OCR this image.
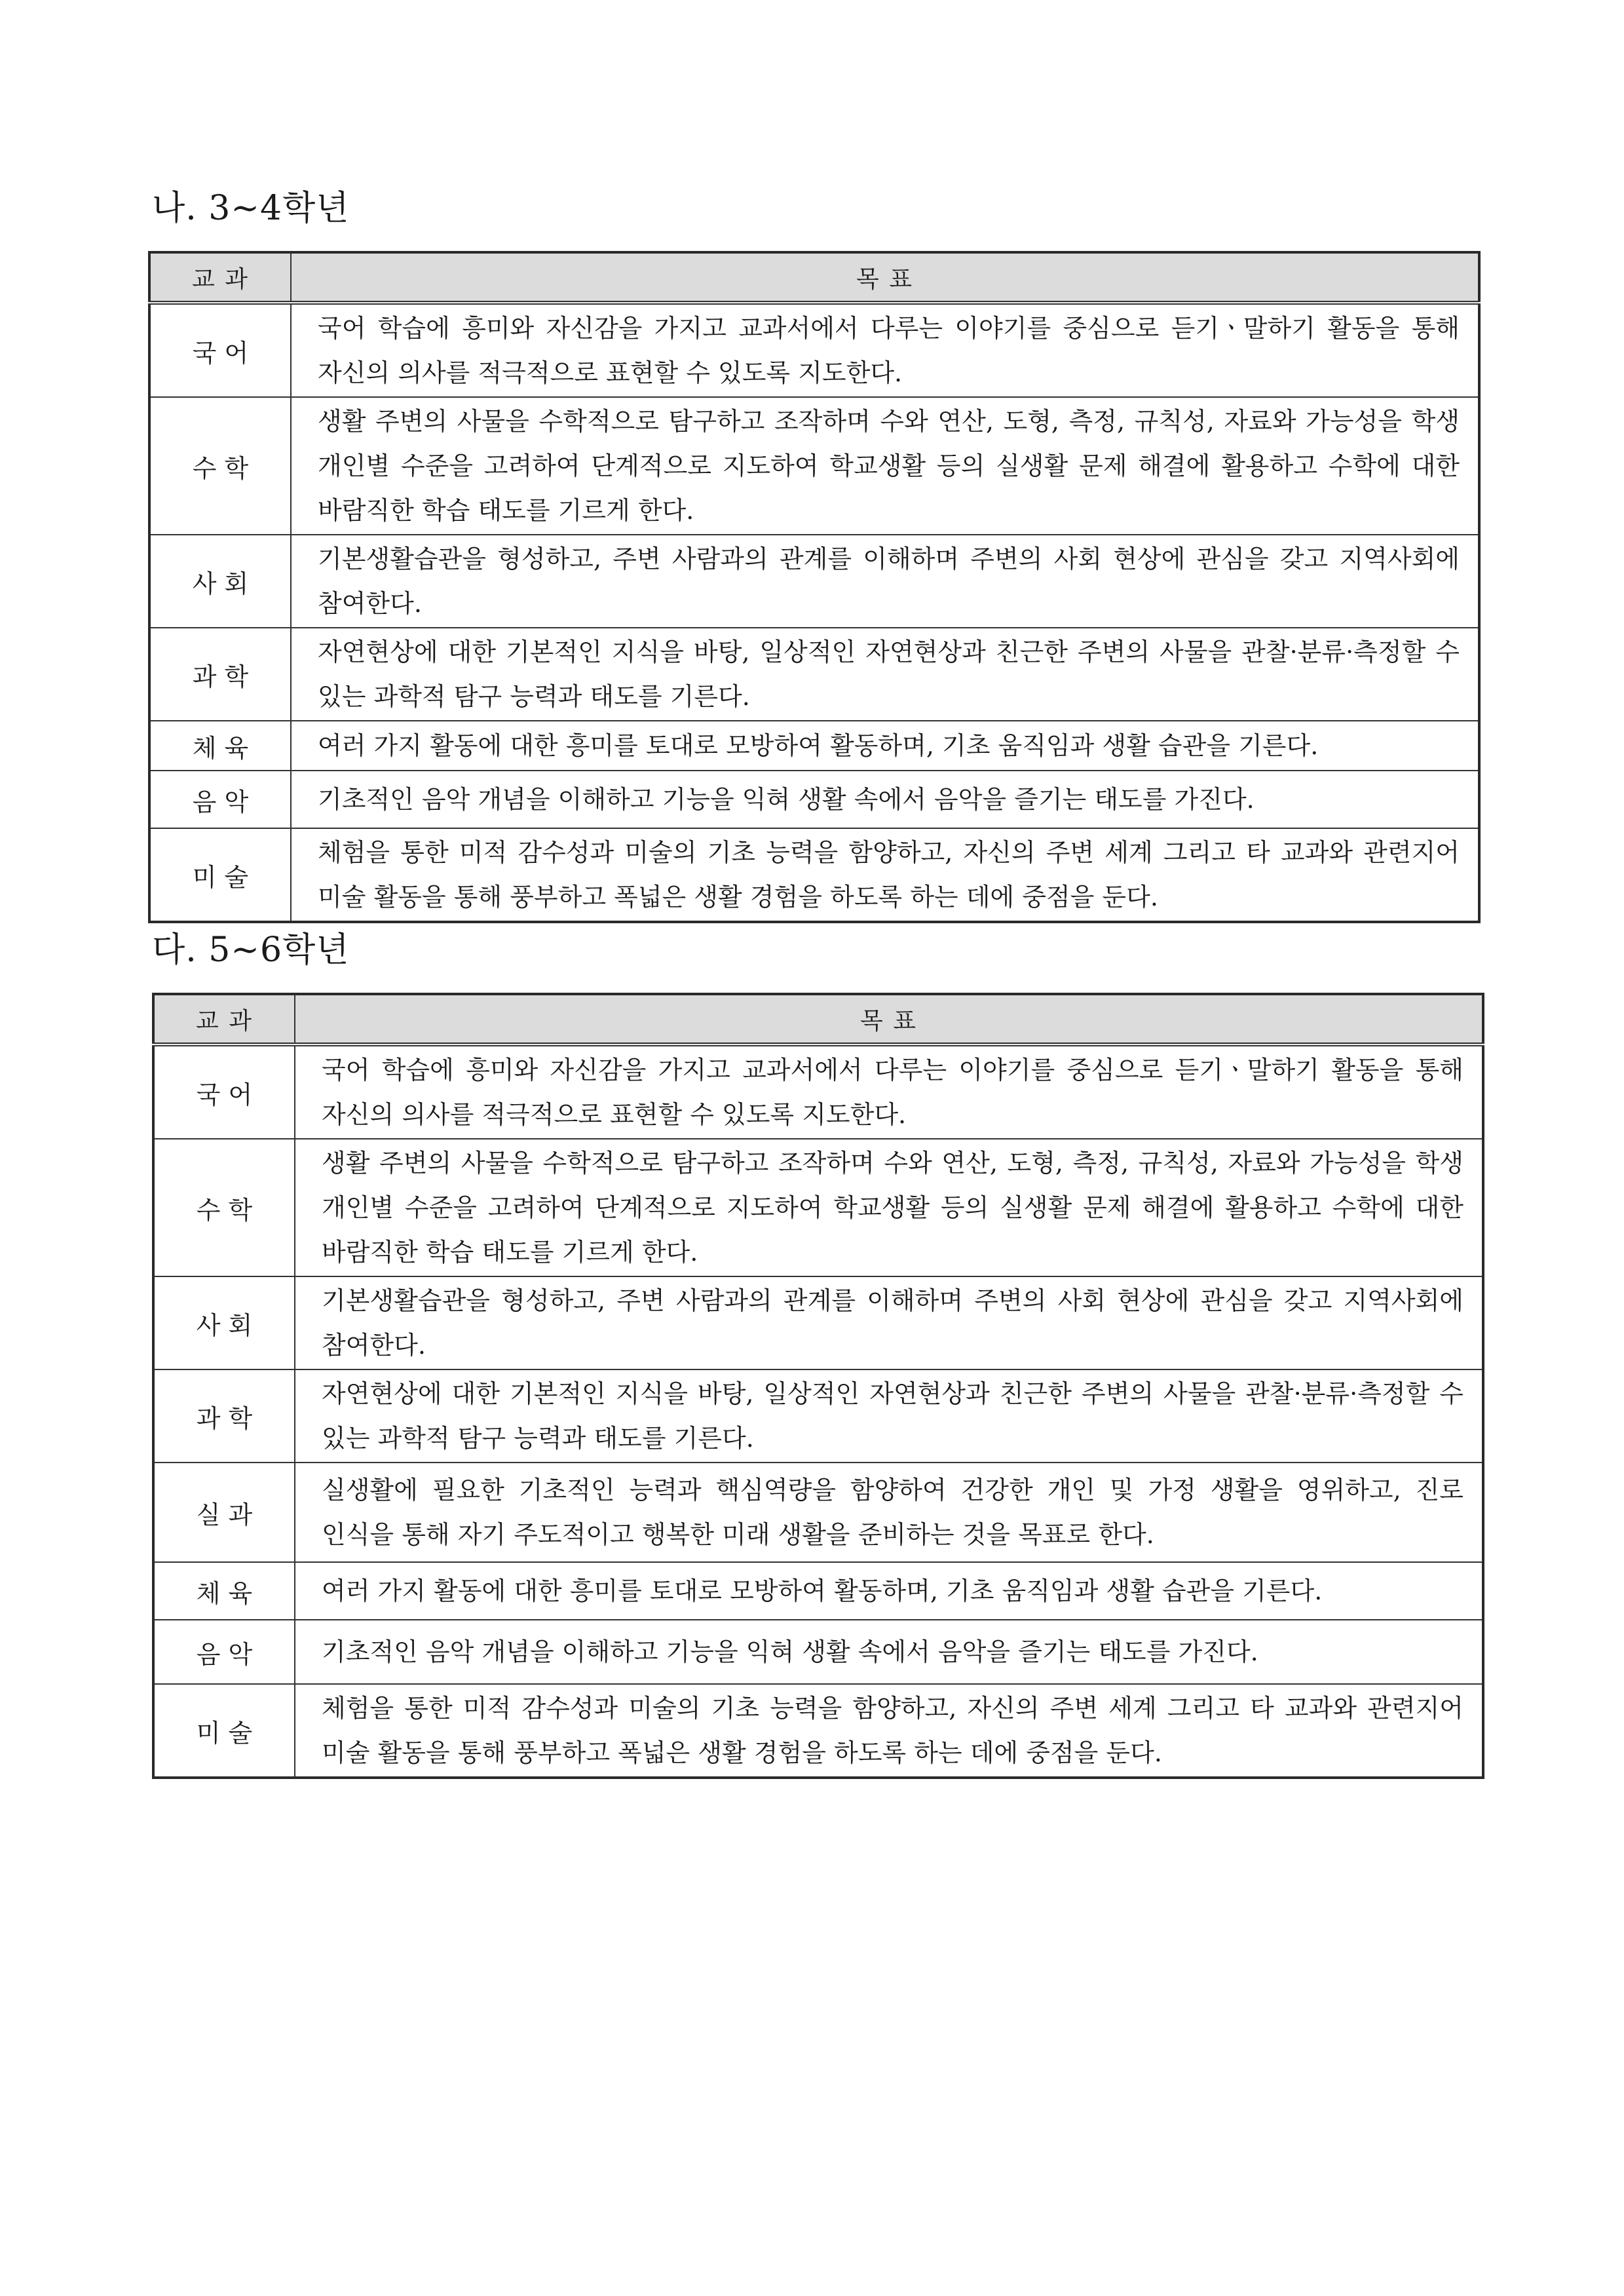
나. 3~4학년
교 과	목 표
국 어	국어 학습에 흥미와 자신감을 가지고 교과서에서 다루는 이야기를 중심으로 듣기ㆍ말하기 활동을 통해 자신의 의사를 적극적으로 표현할 수 있도록 지도한다.
수 학	생활 주변의 사물을 수학적으로 탐구하고 조작하며 수와 연산, 도형, 측정, 규칙성, 자료와 가능성을 학생 개인별 수준을 고려하여 단계적으로 지도하여 학교생활 등의 실생활 문제 해결에 활용하고 수학에 대한 바람직한 학습 태도를 기르게 한다.
사 회	기본생활습관을 형성하고, 주변 사람과의 관계를 이해하며 주변의 사회 현상에 관심을 갖고 지역사회에 참여한다.
과 학	자연현상에 대한 기본적인 지식을 바탕, 일상적인 자연현상과 친근한 주변의 사물을 관찰·분류·측정할 수 있는 과학적 탐구 능력과 태도를 기른다.
체 육	여러 가지 활동에 대한 흥미를 토대로 모방하여 활동하며, 기초 움직임과 생활 습관을 기른다.
음 악	기초적인 음악 개념을 이해하고 기능을 익혀 생활 속에서 음악을 즐기는 태도를 가진다.
미 술	체험을 통한 미적 감수성과 미술의 기초 능력을 함양하고, 자신의 주변 세계 그리고 타 교과와 관련지어 미술 활동을 통해 풍부하고 폭넓은 생활 경험을 하도록 하는 데에 중점을 둔다.
다. 5~6학년
교 과	목 표
국 어	국어 학습에 흥미와 자신감을 가지고 교과서에서 다루는 이야기를 중심으로 듣기ㆍ말하기 활동을 통해 자신의 의사를 적극적으로 표현할 수 있도록 지도한다.
수 학	생활 주변의 사물을 수학적으로 탐구하고 조작하며 수와 연산, 도형, 측정, 규칙성, 자료와 가능성을 학생 개인별 수준을 고려하여 단계적으로 지도하여 학교생활 등의 실생활 문제 해결에 활용하고 수학에 대한 바람직한 학습 태도를 기르게 한다.
사 회	기본생활습관을 형성하고, 주변 사람과의 관계를 이해하며 주변의 사회 현상에 관심을 갖고 지역사회에 참여한다.
과 학	자연현상에 대한 기본적인 지식을 바탕, 일상적인 자연현상과 친근한 주변의 사물을 관찰·분류·측정할 수 있는 과학적 탐구 능력과 태도를 기른다.
실 과	실생활에 필요한 기초적인 능력과 핵심역량을 함양하여 건강한 개인 및 가정 생활을 영위하고, 진로 인식을 통해 자기 주도적이고 행복한 미래 생활을 준비하는 것을 목표로 한다.
체 육	여러 가지 활동에 대한 흥미를 토대로 모방하여 활동하며, 기초 움직임과 생활 습관을 기른다.
음 악	기초적인 음악 개념을 이해하고 기능을 익혀 생활 속에서 음악을 즐기는 태도를 가진다.
미 술	체험을 통한 미적 감수성과 미술의 기초 능력을 함양하고, 자신의 주변 세계 그리고 타 교과와 관련지어 미술 활동을 통해 풍부하고 폭넓은 생활 경험을 하도록 하는 데에 중점을 둔다.
